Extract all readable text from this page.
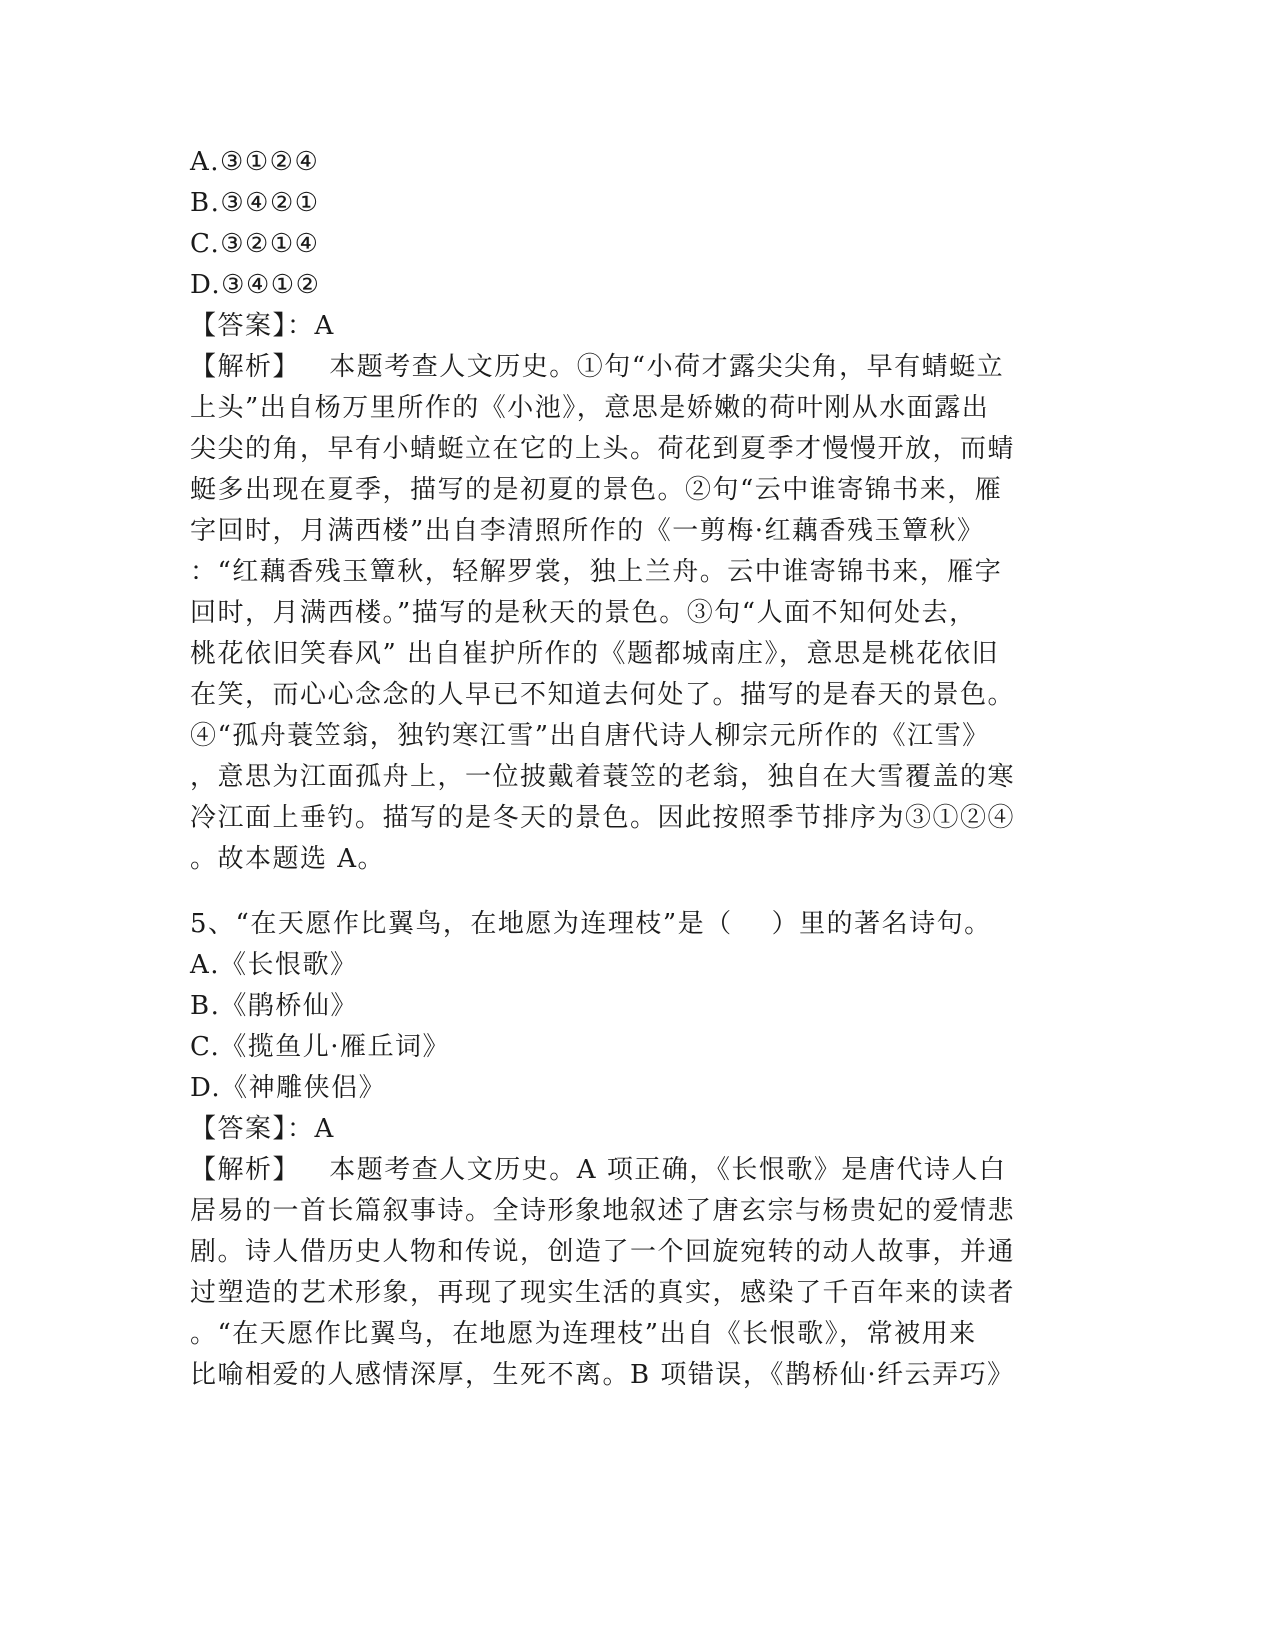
A.③①②④
B.③④②①
C.③②①④
D.③④①②
【答案】：A
【解析】   本题考查人文历史。①句“小荷才露尖尖角，早有蜻蜓立
上头”出自杨万里所作的《小池》，意思是娇嫩的荷叶刚从水面露出
尖尖的角，早有小蜻蜓立在它的上头。荷花到夏季才慢慢开放，而蜻
蜓多出现在夏季，描写的是初夏的景色。②句“云中谁寄锦书来，雁
字回时，月满西楼”出自李清照所作的《一剪梅·红藕香残玉簟秋》
：“红藕香残玉簟秋，轻解罗裳，独上兰舟。云中谁寄锦书来，雁字
回时，月满西楼。”描写的是秋天的景色。③句“人面不知何处去，
桃花依旧笑春风” 出自崔护所作的《题都城南庄》，意思是桃花依旧
在笑，而心心念念的人早已不知道去何处了。描写的是春天的景色。
④“孤舟蓑笠翁，独钓寒江雪”出自唐代诗人柳宗元所作的《江雪》
，意思为江面孤舟上，一位披戴着蓑笠的老翁，独自在大雪覆盖的寒
冷江面上垂钓。描写的是冬天的景色。因此按照季节排序为③①②④
。故本题选 A。
5、“在天愿作比翼鸟，在地愿为连理枝”是（    ）里的著名诗句。
A.《长恨歌》
B.《鹃桥仙》
C.《揽鱼儿·雁丘词》
D.《神雕侠侣》
【答案】：A
【解析】   本题考查人文历史。A 项正确，《长恨歌》是唐代诗人白
居易的一首长篇叙事诗。全诗形象地叙述了唐玄宗与杨贵妃的爱情悲
剧。诗人借历史人物和传说，创造了一个回旋宛转的动人故事，并通
过塑造的艺术形象，再现了现实生活的真实，感染了千百年来的读者
。“在天愿作比翼鸟，在地愿为连理枝”出自《长恨歌》，常被用来
比喻相爱的人感情深厚，生死不离。B 项错误，《鹊桥仙·纤云弄巧》
